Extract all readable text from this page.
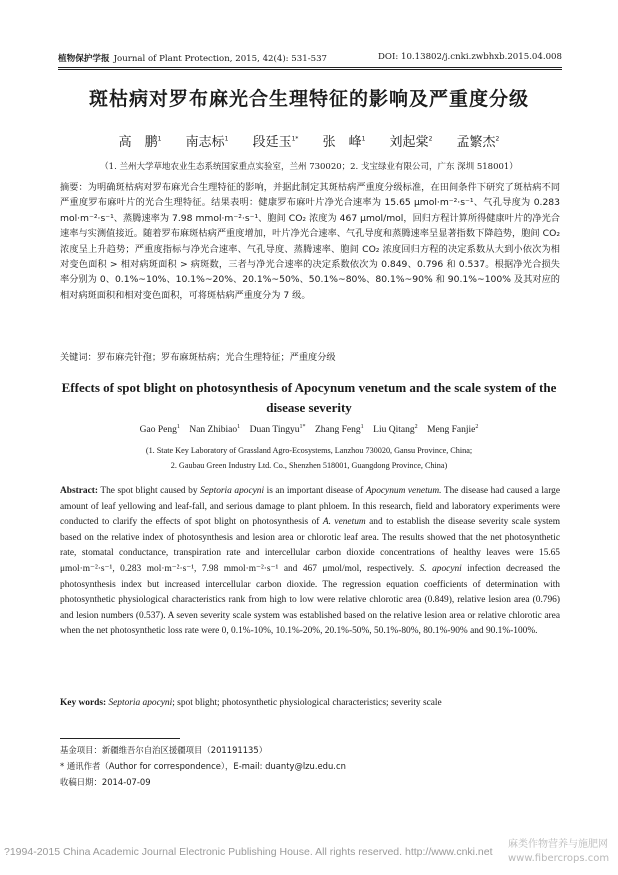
植物保护学报 Journal of Plant Protection, 2015, 42(4): 531-537	DOI: 10.13802/j.cnki.zwbhxb.2015.04.008
斑枯病对罗布麻光合生理特征的影响及严重度分级
高　鹏$^1$ 南志标$^1$ 段廷玉$^{1*}$ 张　峰$^1$ 刘起棠$^2$ 孟繁杰$^2$
（1. 兰州大学草地农业生态系统国家重点实验室，兰州 730020；2. 戈宝绿业有限公司，广东 深圳 518001）
摘要：为明确斑枯病对罗布麻光合生理特征的影响，并据此制定其斑枯病严重度分级标准，在田间条件下研究了斑枯病不同严重度罗布麻叶片的光合生理特征。结果表明：健康罗布麻叶片净光合速率为 15.65 μmol·m⁻²·s⁻¹、气孔导度为 0.283 mol·m⁻²·s⁻¹、蒸腾速率为 7.98 mmol·m⁻²·s⁻¹、胞间 CO₂ 浓度为 467 μmol/mol，回归方程计算所得健康叶片的净光合速率与实测值接近。随着罗布麻斑枯病严重度增加，叶片净光合速率、气孔导度和蒸腾速率呈显著指数下降趋势，胞间 CO₂ 浓度呈上升趋势；严重度指标与净光合速率、气孔导度、蒸腾速率、胞间 CO₂ 浓度回归方程的决定系数从大到小依次为相对变色面积 > 相对病斑面积 > 病斑数，三者与净光合速率的决定系数依次为 0.849、0.796 和 0.537。根据净光合损失率分别为 0、0.1%~10%、10.1%~20%、20.1%~50%、50.1%~80%、80.1%~90% 和 90.1%~100% 及其对应的相对病斑面积和相对变色面积，可将斑枯病严重度分为 7 级。
关键词：罗布麻壳针孢；罗布麻斑枯病；光合生理特征；严重度分级
Effects of spot blight on photosynthesis of Apocynum venetum and the scale system of the disease severity
Gao Peng$^1$ Nan Zhibiao$^1$ Duan Tingyu$^{1*}$ Zhang Feng$^1$ Liu Qitang$^2$ Meng Fanjie$^2$
(1. State Key Laboratory of Grassland Agro-Ecosystems, Lanzhou 730020, Gansu Province, China;
2. Gaubau Green Industry Ltd. Co., Shenzhen 518001, Guangdong Province, China)
Abstract: The spot blight caused by Septoria apocyni is an important disease of Apocynum venetum. The disease had caused a large amount of leaf yellowing and leaf-fall, and serious damage to plant phloem. In this research, field and laboratory experiments were conducted to clarify the effects of spot blight on photosynthesis of A. venetum and to establish the disease severity scale system based on the relative index of photosynthesis and lesion area or chlorotic leaf area. The results showed that the net photosynthetic rate, stomatal conductance, transpiration rate and intercellular carbon dioxide concentrations of healthy leaves were 15.65 μmol·m⁻²·s⁻¹, 0.283 mol·m⁻²·s⁻¹, 7.98 mmol·m⁻²·s⁻¹ and 467 μmol/mol, respectively. S. apocyni infection decreased the photosynthesis index but increased intercellular carbon dioxide. The regression equation coefficients of determination with photosynthetic physiological characteristics rank from high to low were relative chlorotic area (0.849), relative lesion area (0.796) and lesion numbers (0.537). A seven severity scale system was established based on the relative lesion area or relative chlorotic area when the net photosynthetic loss rate were 0, 0.1%-10%, 10.1%-20%, 20.1%-50%, 50.1%-80%, 80.1%-90% and 90.1%-100%.
Key words: Septoria apocyni; spot blight; photosynthetic physiological characteristics; severity scale
基金项目：新疆维吾尔自治区援疆项目（201191135）
* 通讯作者（Author for correspondence），E-mail: duanty@lzu.edu.cn
收稿日期：2014-07-09
?1994-2015 China Academic Journal Electronic Publishing House. All rights reserved. http://www.cnki.net
麻类作物营养与施肥网
www.fibercrops.com
